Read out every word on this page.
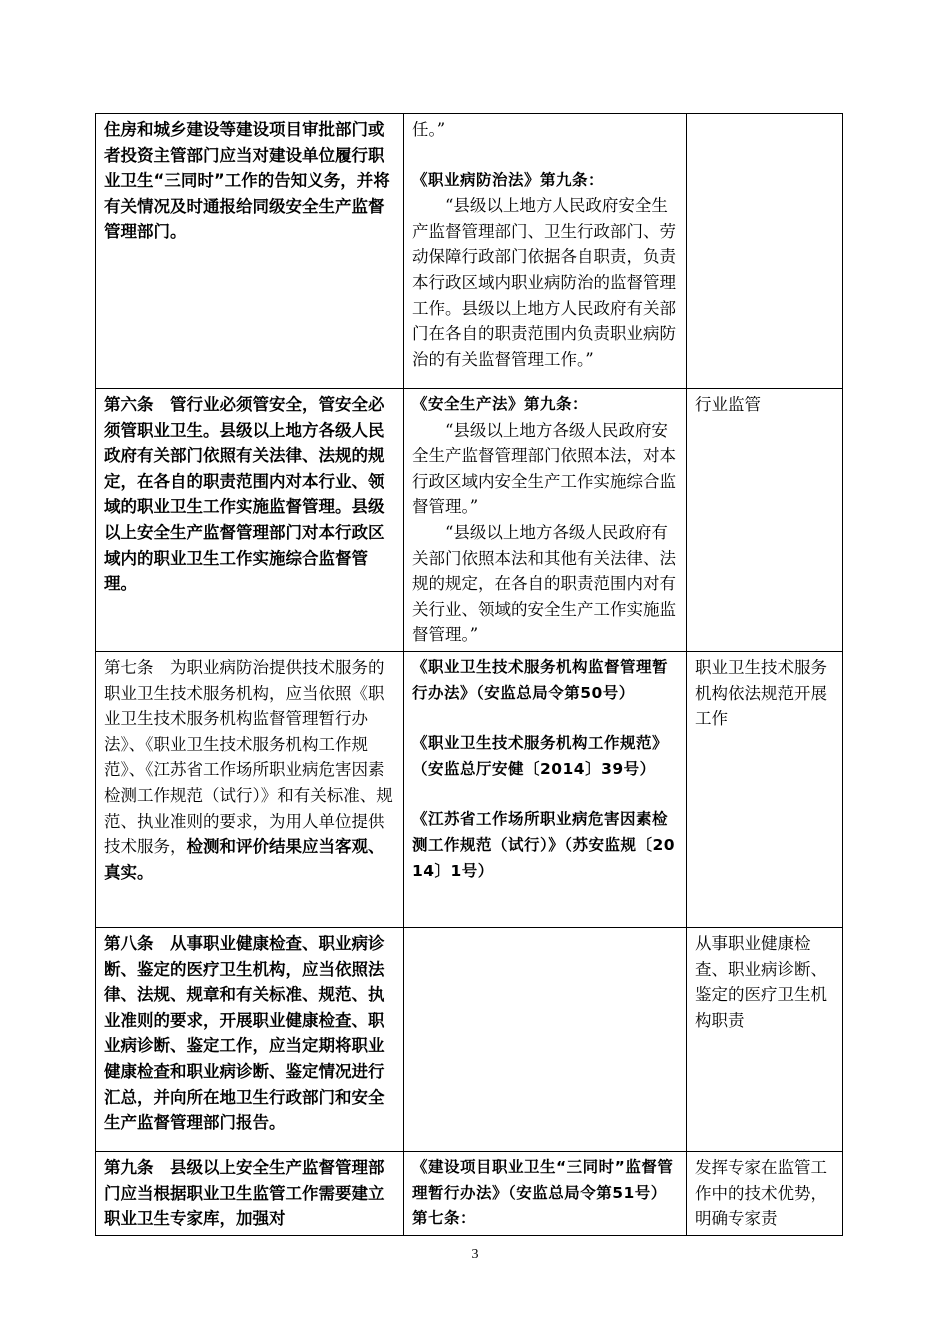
住房和城乡建设等建设项目审批部门或者投资主管部门应当对建设单位履行职业卫生“三同时”工作的告知义务，并将有关情况及时通报给同级安全生产监督管理部门。	任。”

《职业病防治法》第九条：

“县级以上地方人民政府安全生产监督管理部门、卫生行政部门、劳动保障行政部门依据各自职责，负责本行政区域内职业病防治的监督管理工作。县级以上地方人民政府有关部门在各自的职责范围内负责职业病防治的有关监督管理工作。”	

第六条　管行业必须管安全，管安全必须管职业卫生。县级以上地方各级人民政府有关部门依照有关法律、法规的规定，在各自的职责范围内对本行业、领域的职业卫生工作实施监督管理。县级以上安全生产监督管理部门对本行政区域内的职业卫生工作实施综合监督管理。	《安全生产法》第九条：

“县级以上地方各级人民政府安全生产监督管理部门依照本法，对本行政区域内安全生产工作实施综合监督管理。”

“县级以上地方各级人民政府有关部门依照本法和其他有关法律、法规的规定，在各自的职责范围内对有关行业、领域的安全生产工作实施监督管理。”	行业监管

第七条　为职业病防治提供技术服务的职业卫生技术服务机构，应当依照《职业卫生技术服务机构监督管理暂行办法》、《职业卫生技术服务机构工作规范》、《江苏省工作场所职业病危害因素检测工作规范（试行）》和有关标准、规范、执业准则的要求，为用人单位提供技术服务，检测和评价结果应当客观、真实。	《职业卫生技术服务机构监督管理暂行办法》（安监总局令第50号）

《职业卫生技术服务机构工作规范》（安监总厅安健〔2014〕39号）

《江苏省工作场所职业病危害因素检测工作规范（试行）》（苏安监规〔2014〕1号）	职业卫生技术服务机构依法规范开展工作

第八条　从事职业健康检查、职业病诊断、鉴定的医疗卫生机构，应当依照法律、法规、规章和有关标准、规范、执业准则的要求，开展职业健康检查、职业病诊断、鉴定工作，应当定期将职业健康检查和职业病诊断、鉴定情况进行汇总，并向所在地卫生行政部门和安全生产监督管理部门报告。		从事职业健康检查、职业病诊断、鉴定的医疗卫生机构职责

第九条　县级以上安全生产监督管理部门应当根据职业卫生监管工作需要建立职业卫生专家库，加强对	《建设项目职业卫生“三同时”监督管理暂行办法》（安监总局令第51号）第七条：	发挥专家在监管工作中的技术优势，明确专家责
3
